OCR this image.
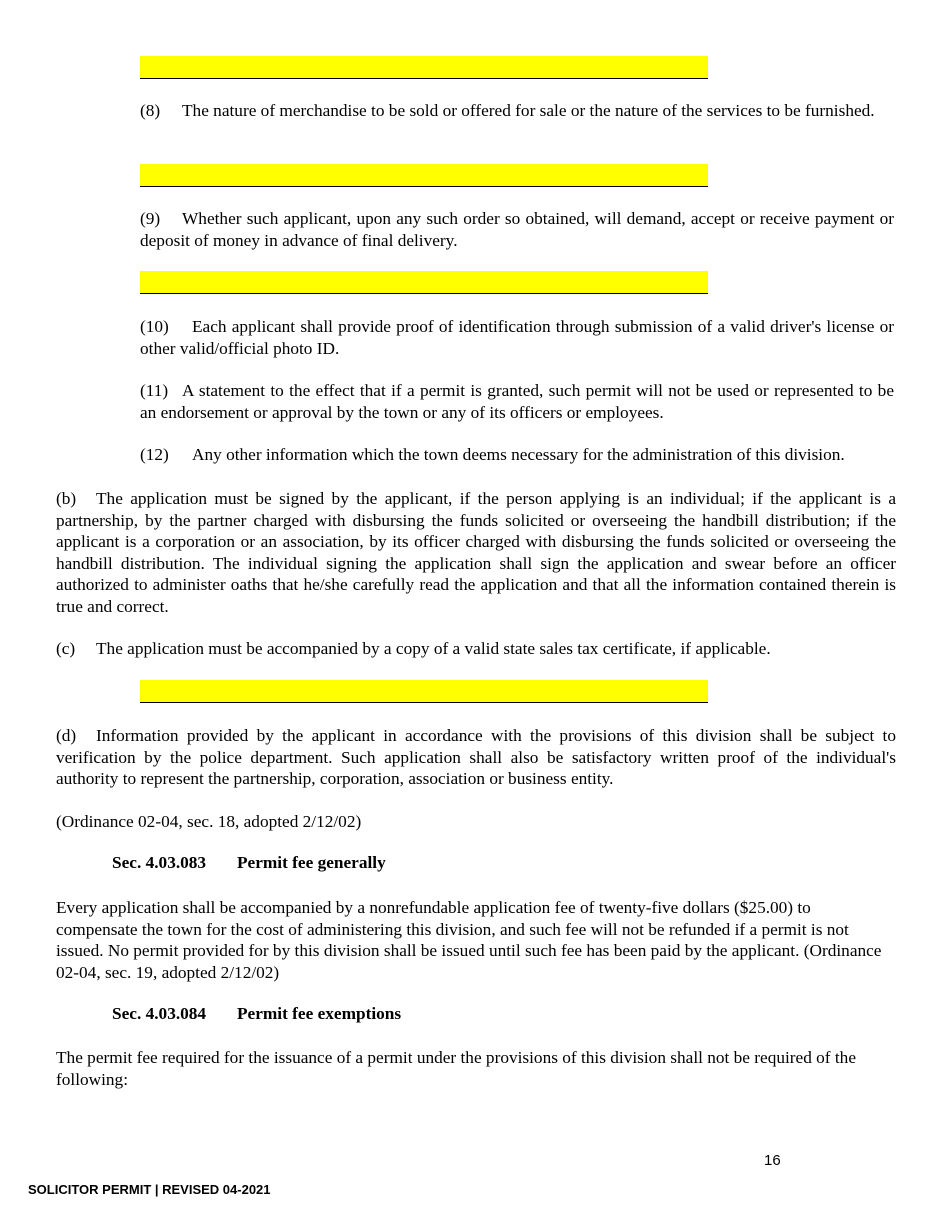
(8) The nature of merchandise to be sold or offered for sale or the nature of the services to be furnished.

(9) Whether such applicant, upon any such order so obtained, will demand, accept or receive payment or deposit of money in advance of final delivery.

(10) Each applicant shall provide proof of identification through submission of a valid driver's license or other valid/official photo ID.

(11) A statement to the effect that if a permit is granted, such permit will not be used or represented to be an endorsement or approval by the town or any of its officers or employees.

(12) Any other information which the town deems necessary for the administration of this division.

(b) The application must be signed by the applicant, if the person applying is an individual; if the applicant is a partnership, by the partner charged with disbursing the funds solicited or overseeing the handbill distribution; if the applicant is a corporation or an association, by its officer charged with disbursing the funds solicited or overseeing the handbill distribution. The individual signing the application shall sign the application and swear before an officer authorized to administer oaths that he/she carefully read the application and that all the information contained therein is true and correct.

(c) The application must be accompanied by a copy of a valid state sales tax certificate, if applicable.

(d) Information provided by the applicant in accordance with the provisions of this division shall be subject to verification by the police department. Such application shall also be satisfactory written proof of the individual's authority to represent the partnership, corporation, association or business entity.

(Ordinance 02-04, sec. 18, adopted 2/12/02)

Sec. 4.03.083 Permit fee generally

Every application shall be accompanied by a nonrefundable application fee of twenty-five dollars ($25.00) to compensate the town for the cost of administering this division, and such fee will not be refunded if a permit is not issued. No permit provided for by this division shall be issued until such fee has been paid by the applicant. (Ordinance 02-04, sec. 19, adopted 2/12/02)

Sec. 4.03.084 Permit fee exemptions

The permit fee required for the issuance of a permit under the provisions of this division shall not be required of the following:

16
SOLICITOR PERMIT | REVISED 04-2021
